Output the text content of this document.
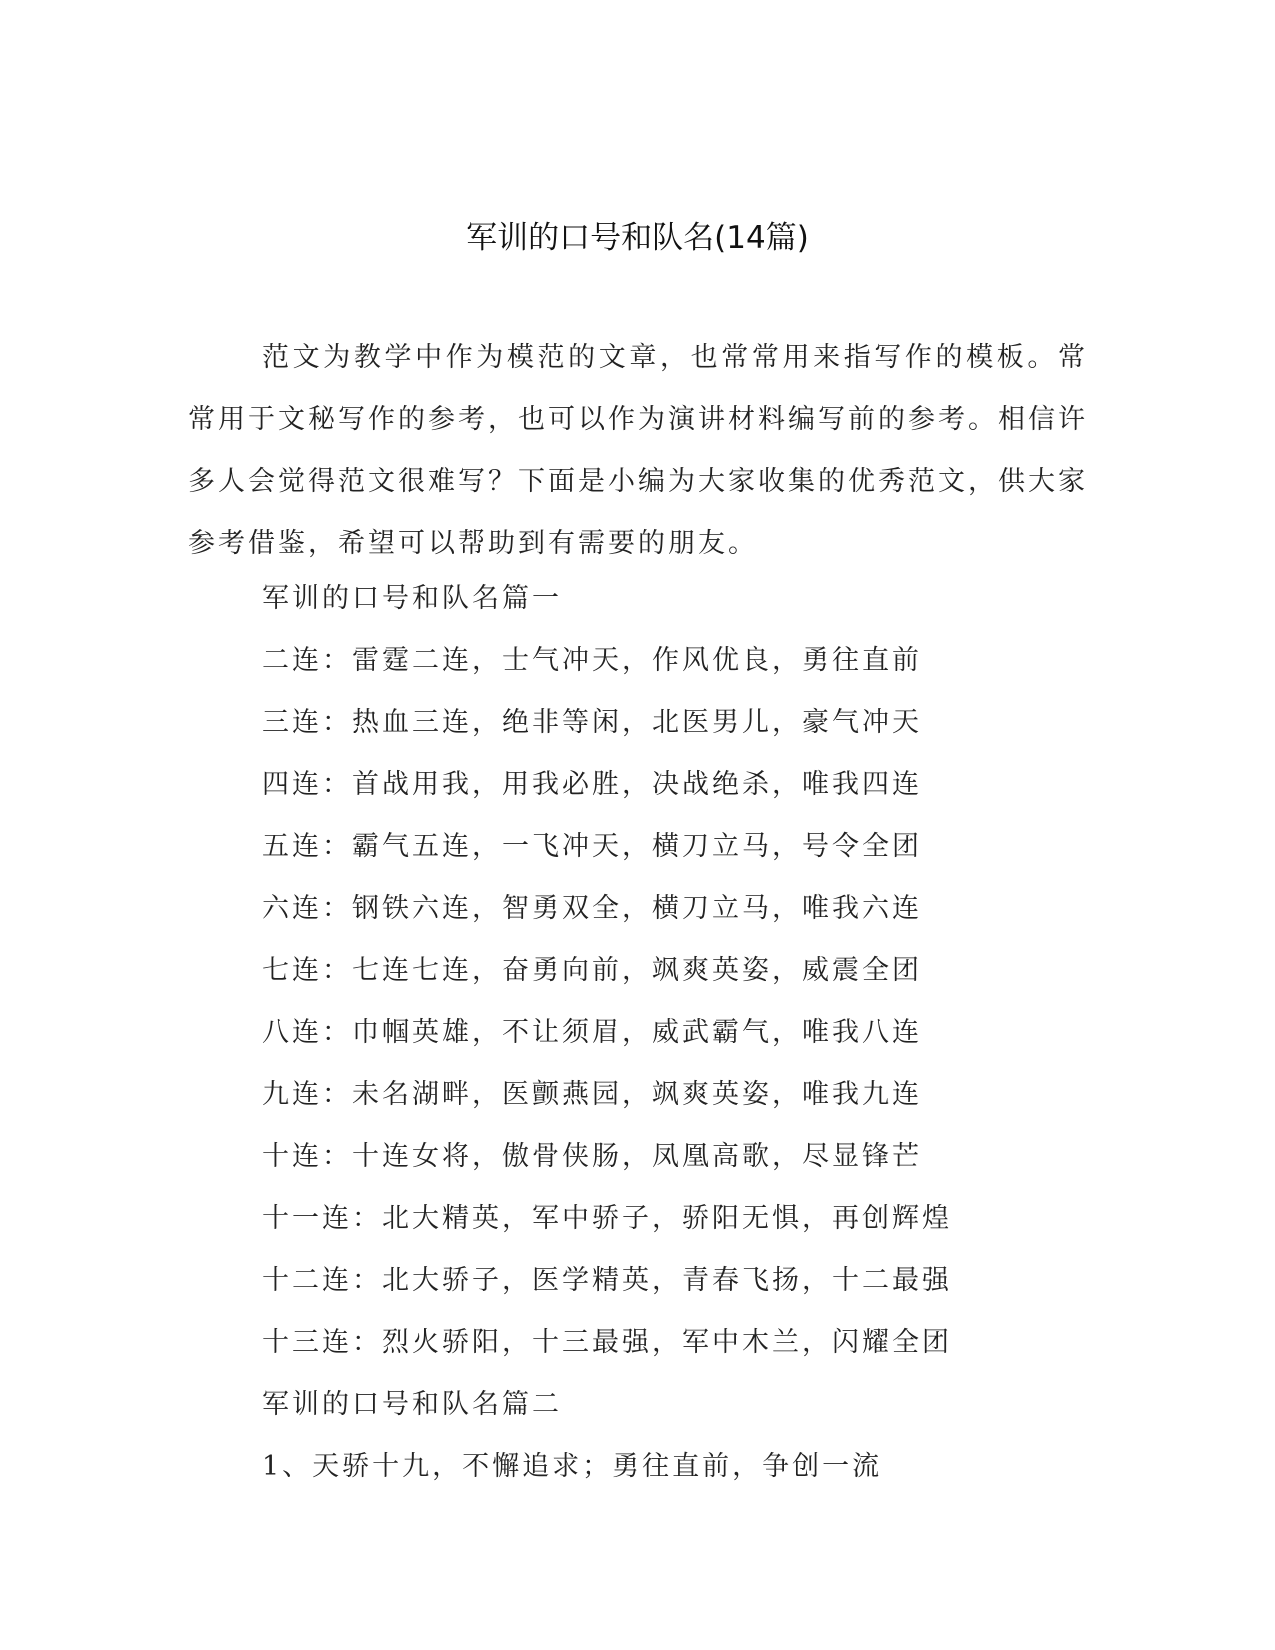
军训的口号和队名(14篇)

范文为教学中作为模范的文章，也常常用来指写作的模板。常常用于文秘写作的参考，也可以作为演讲材料编写前的参考。相信许多人会觉得范文很难写？下面是小编为大家收集的优秀范文，供大家参考借鉴，希望可以帮助到有需要的朋友。

军训的口号和队名篇一
二连：雷霆二连，士气冲天，作风优良，勇往直前
三连：热血三连，绝非等闲，北医男儿，豪气冲天
四连：首战用我，用我必胜，决战绝杀，唯我四连
五连：霸气五连，一飞冲天，横刀立马，号令全团
六连：钢铁六连，智勇双全，横刀立马，唯我六连
七连：七连七连，奋勇向前，飒爽英姿，威震全团
八连：巾帼英雄，不让须眉，威武霸气，唯我八连
九连：未名湖畔，医颤燕园，飒爽英姿，唯我九连
十连：十连女将，傲骨侠肠，凤凰高歌，尽显锋芒
十一连：北大精英，军中骄子，骄阳无惧，再创辉煌
十二连：北大骄子，医学精英，青春飞扬，十二最强
十三连：烈火骄阳，十三最强，军中木兰，闪耀全团
军训的口号和队名篇二
1、天骄十九，不懈追求；勇往直前，争创一流
